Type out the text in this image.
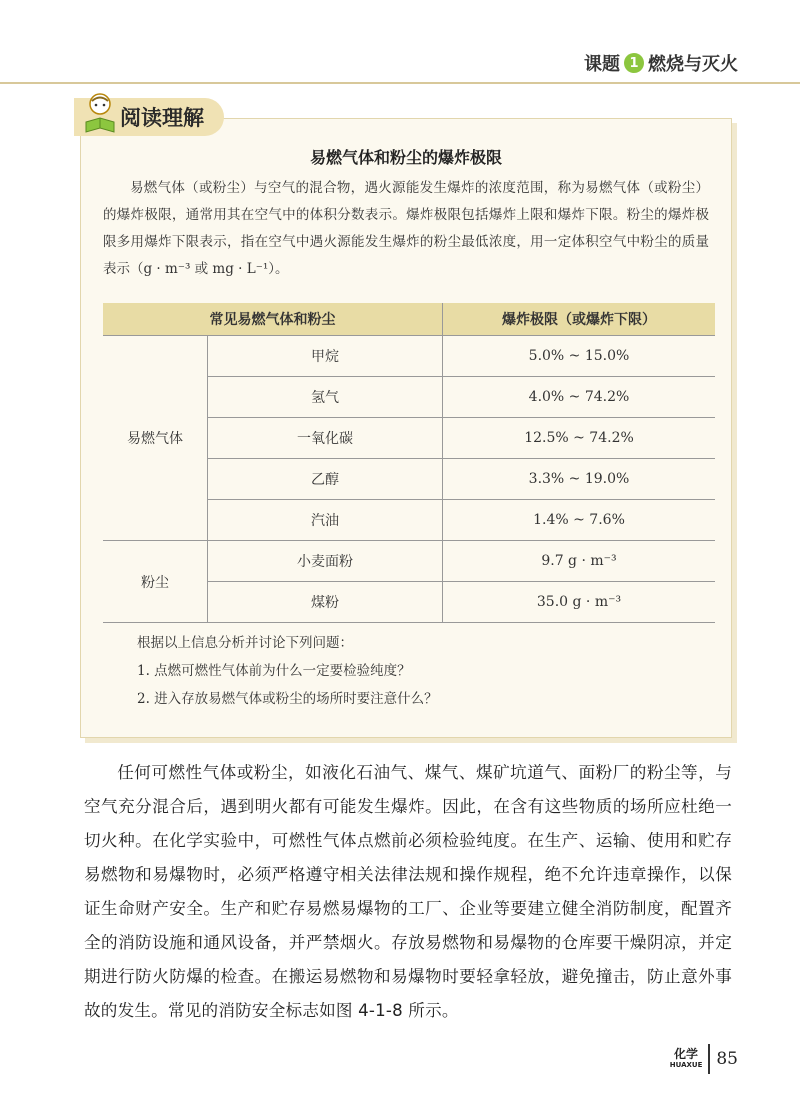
课题 1 燃烧与灭火
易燃气体和粉尘的爆炸极限
易燃气体（或粉尘）与空气的混合物，遇火源能发生爆炸的浓度范围，称为易燃气体（或粉尘）的爆炸极限，通常用其在空气中的体积分数表示。爆炸极限包括爆炸上限和爆炸下限。粉尘的爆炸极限多用爆炸下限表示，指在空气中遇火源能发生爆炸的粉尘最低浓度，用一定体积空气中粉尘的质量表示（g · m⁻³ 或 mg · L⁻¹）。
常见易燃气体和粉尘		爆炸极限（或爆炸下限）
易燃气体	甲烷	5.0% ~ 15.0%
	氢气	4.0% ~ 74.2%
	一氧化碳	12.5% ~ 74.2%
	乙醇	3.3% ~ 19.0%
	汽油	1.4% ~ 7.6%
粉尘	小麦面粉	9.7 g · m⁻³
	煤粉	35.0 g · m⁻³
根据以上信息分析并讨论下列问题：
1. 点燃可燃性气体前为什么一定要检验纯度？
2. 进入存放易燃气体或粉尘的场所时要注意什么？
阅读理解
任何可燃性气体或粉尘，如液化石油气、煤气、煤矿坑道气、面粉厂的粉尘等，与空气充分混合后，遇到明火都有可能发生爆炸。因此，在含有这些物质的场所应杜绝一切火种。在化学实验中，可燃性气体点燃前必须检验纯度。在生产、运输、使用和贮存易燃物和易爆物时，必须严格遵守相关法律法规和操作规程，绝不允许违章操作，以保证生命财产安全。生产和贮存易燃易爆物的工厂、企业等要建立健全消防制度，配置齐全的消防设施和通风设备，并严禁烟火。存放易燃物和易爆物的仓库要干燥阴凉，并定期进行防火防爆的检查。在搬运易燃物和易爆物时要轻拿轻放，避免撞击，防止意外事故的发生。常见的消防安全标志如图 4-1-8 所示。
化学
HUAXUE 85
